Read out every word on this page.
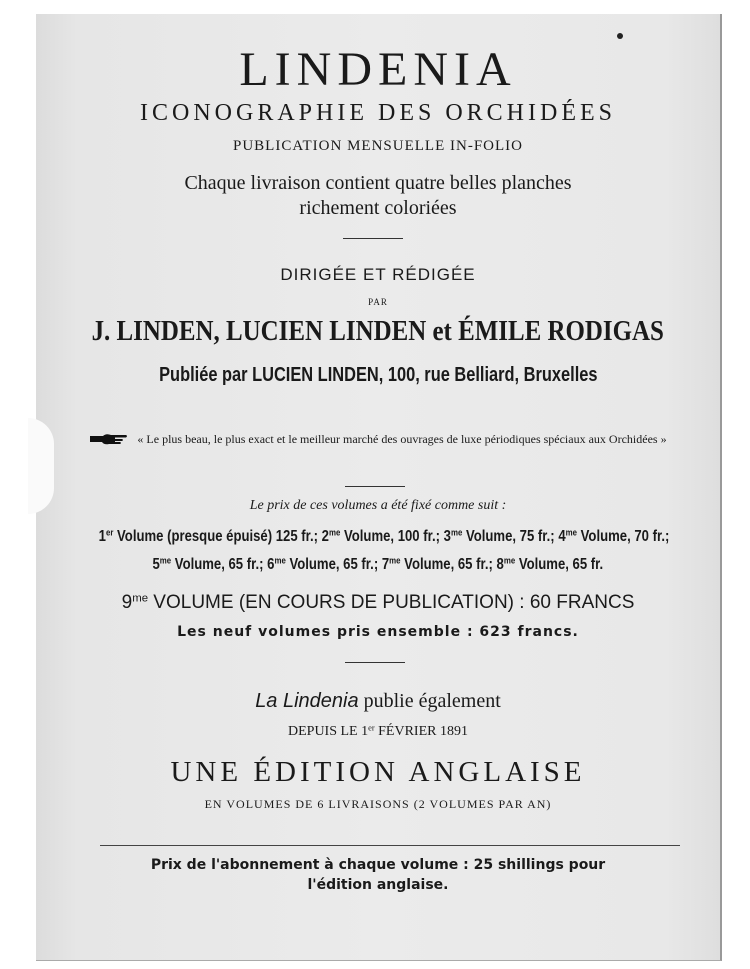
LINDENIA
ICONOGRAPHIE DES ORCHIDÉES
PUBLICATION MENSUELLE IN-FOLIO
Chaque livraison contient quatre belles planches
richement coloriées
DIRIGÉE ET RÉDIGÉE
PAR
J. LINDEN, LUCIEN LINDEN et ÉMILE RODIGAS
Publiée par LUCIEN LINDEN, 100, rue Belliard, Bruxelles
« Le plus beau, le plus exact et le meilleur marché des ouvrages de luxe périodiques spéciaux aux Orchidées »
Le prix de ces volumes a été fixé comme suit :
1er Volume (presque épuisé) 125 fr.; $2^{me}$ Volume, 100 fr.; $3^{me}$ Volume, 75 fr.; $4^{me}$ Volume, 70 fr.;
$5^{me}$ Volume, 65 fr.; $6^{me}$ Volume, 65 fr.; $7^{me}$ Volume, 65 fr.; $8^{me}$ Volume, 65 fr.
$9^{me}$ VOLUME (EN COURS DE PUBLICATION) : 60 FRANCS
Les neuf volumes pris ensemble : 623 francs.
La Lindenia publie également
DEPUIS LE 1er FÉVRIER 1891
UNE ÉDITION ANGLAISE
EN VOLUMES DE 6 LIVRAISONS (2 VOLUMES PAR AN)
Prix de l'abonnement à chaque volume : 25 shillings pour
l'édition anglaise.
